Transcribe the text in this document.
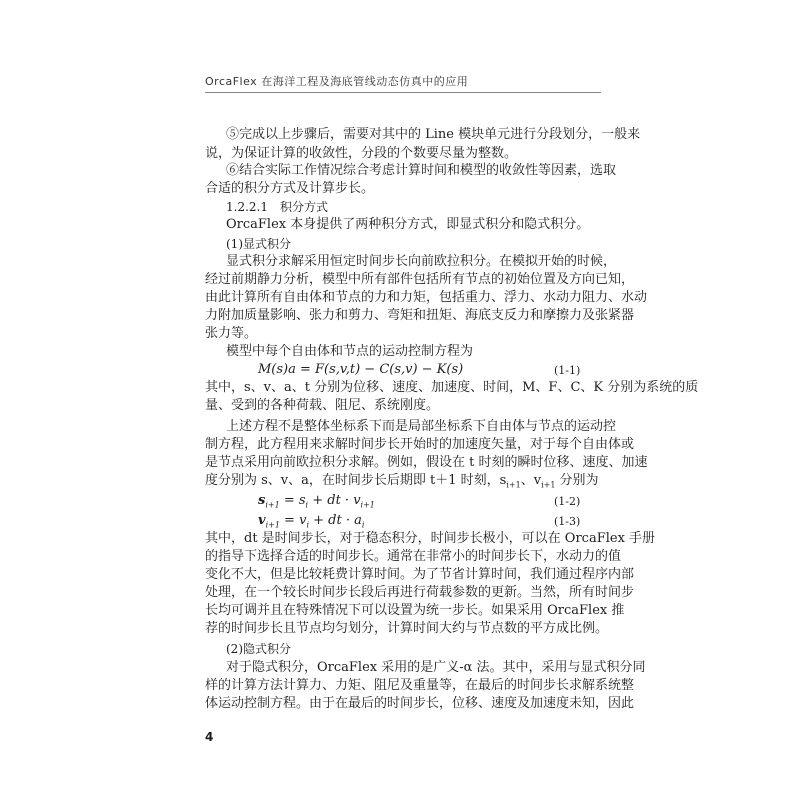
OrcaFlex 在海洋工程及海底管线动态仿真中的应用
⑤完成以上步骤后，需要对其中的 Line 模块单元进行分段划分，一般来
说，为保证计算的收敛性，分段的个数要尽量为整数。
⑥结合实际工作情况综合考虑计算时间和模型的收敛性等因素，选取
合适的积分方式及计算步长。
1.2.2.1　积分方式
OrcaFlex 本身提供了两种积分方式，即显式积分和隐式积分。
(1)显式积分
显式积分求解采用恒定时间步长向前欧拉积分。在模拟开始的时候，
经过前期静力分析，模型中所有部件包括所有节点的初始位置及方向已知，
由此计算所有自由体和节点的力和力矩，包括重力、浮力、水动力阻力、水动
力附加质量影响、张力和剪力、弯矩和扭矩、海底支反力和摩擦力及张紧器
张力等。
模型中每个自由体和节点的运动控制方程为
M(s)a = F(s,v,t) − C(s,v) − K(s)	(1-1)
其中，s、v、a、t 分别为位移、速度、加速度、时间，M、F、C、K 分别为系统的质
量、受到的各种荷载、阻尼、系统刚度。
上述方程不是整体坐标系下而是局部坐标系下自由体与节点的运动控
制方程，此方程用来求解时间步长开始时的加速度矢量，对于每个自由体或
是节点采用向前欧拉积分求解。例如，假设在 t 时刻的瞬时位移、速度、加速
度分别为 s、v、a，在时间步长后期即 t＋1 时刻，$s_{i+1}$、$v_{i+1}$ 分别为
$s_{i+1} = s_i$ + dt · $v_{i+1}$	(1-2)
$v_{i+1} = v_i$ + dt · $a_i$	(1-3)
其中，dt 是时间步长，对于稳态积分，时间步长极小，可以在 OrcaFlex 手册
的指导下选择合适的时间步长。通常在非常小的时间步长下，水动力的值
变化不大，但是比较耗费计算时间。为了节省计算时间，我们通过程序内部
处理，在一个较长时间步长段后再进行荷载参数的更新。当然，所有时间步
长均可调并且在特殊情况下可以设置为统一步长。如果采用 OrcaFlex 推
荐的时间步长且节点均匀划分，计算时间大约与节点数的平方成比例。
(2)隐式积分
对于隐式积分，OrcaFlex 采用的是广义-α 法。其中，采用与显式积分同
样的计算方法计算力、力矩、阻尼及重量等，在最后的时间步长求解系统整
体运动控制方程。由于在最后的时间步长，位移、速度及加速度未知，因此
4
